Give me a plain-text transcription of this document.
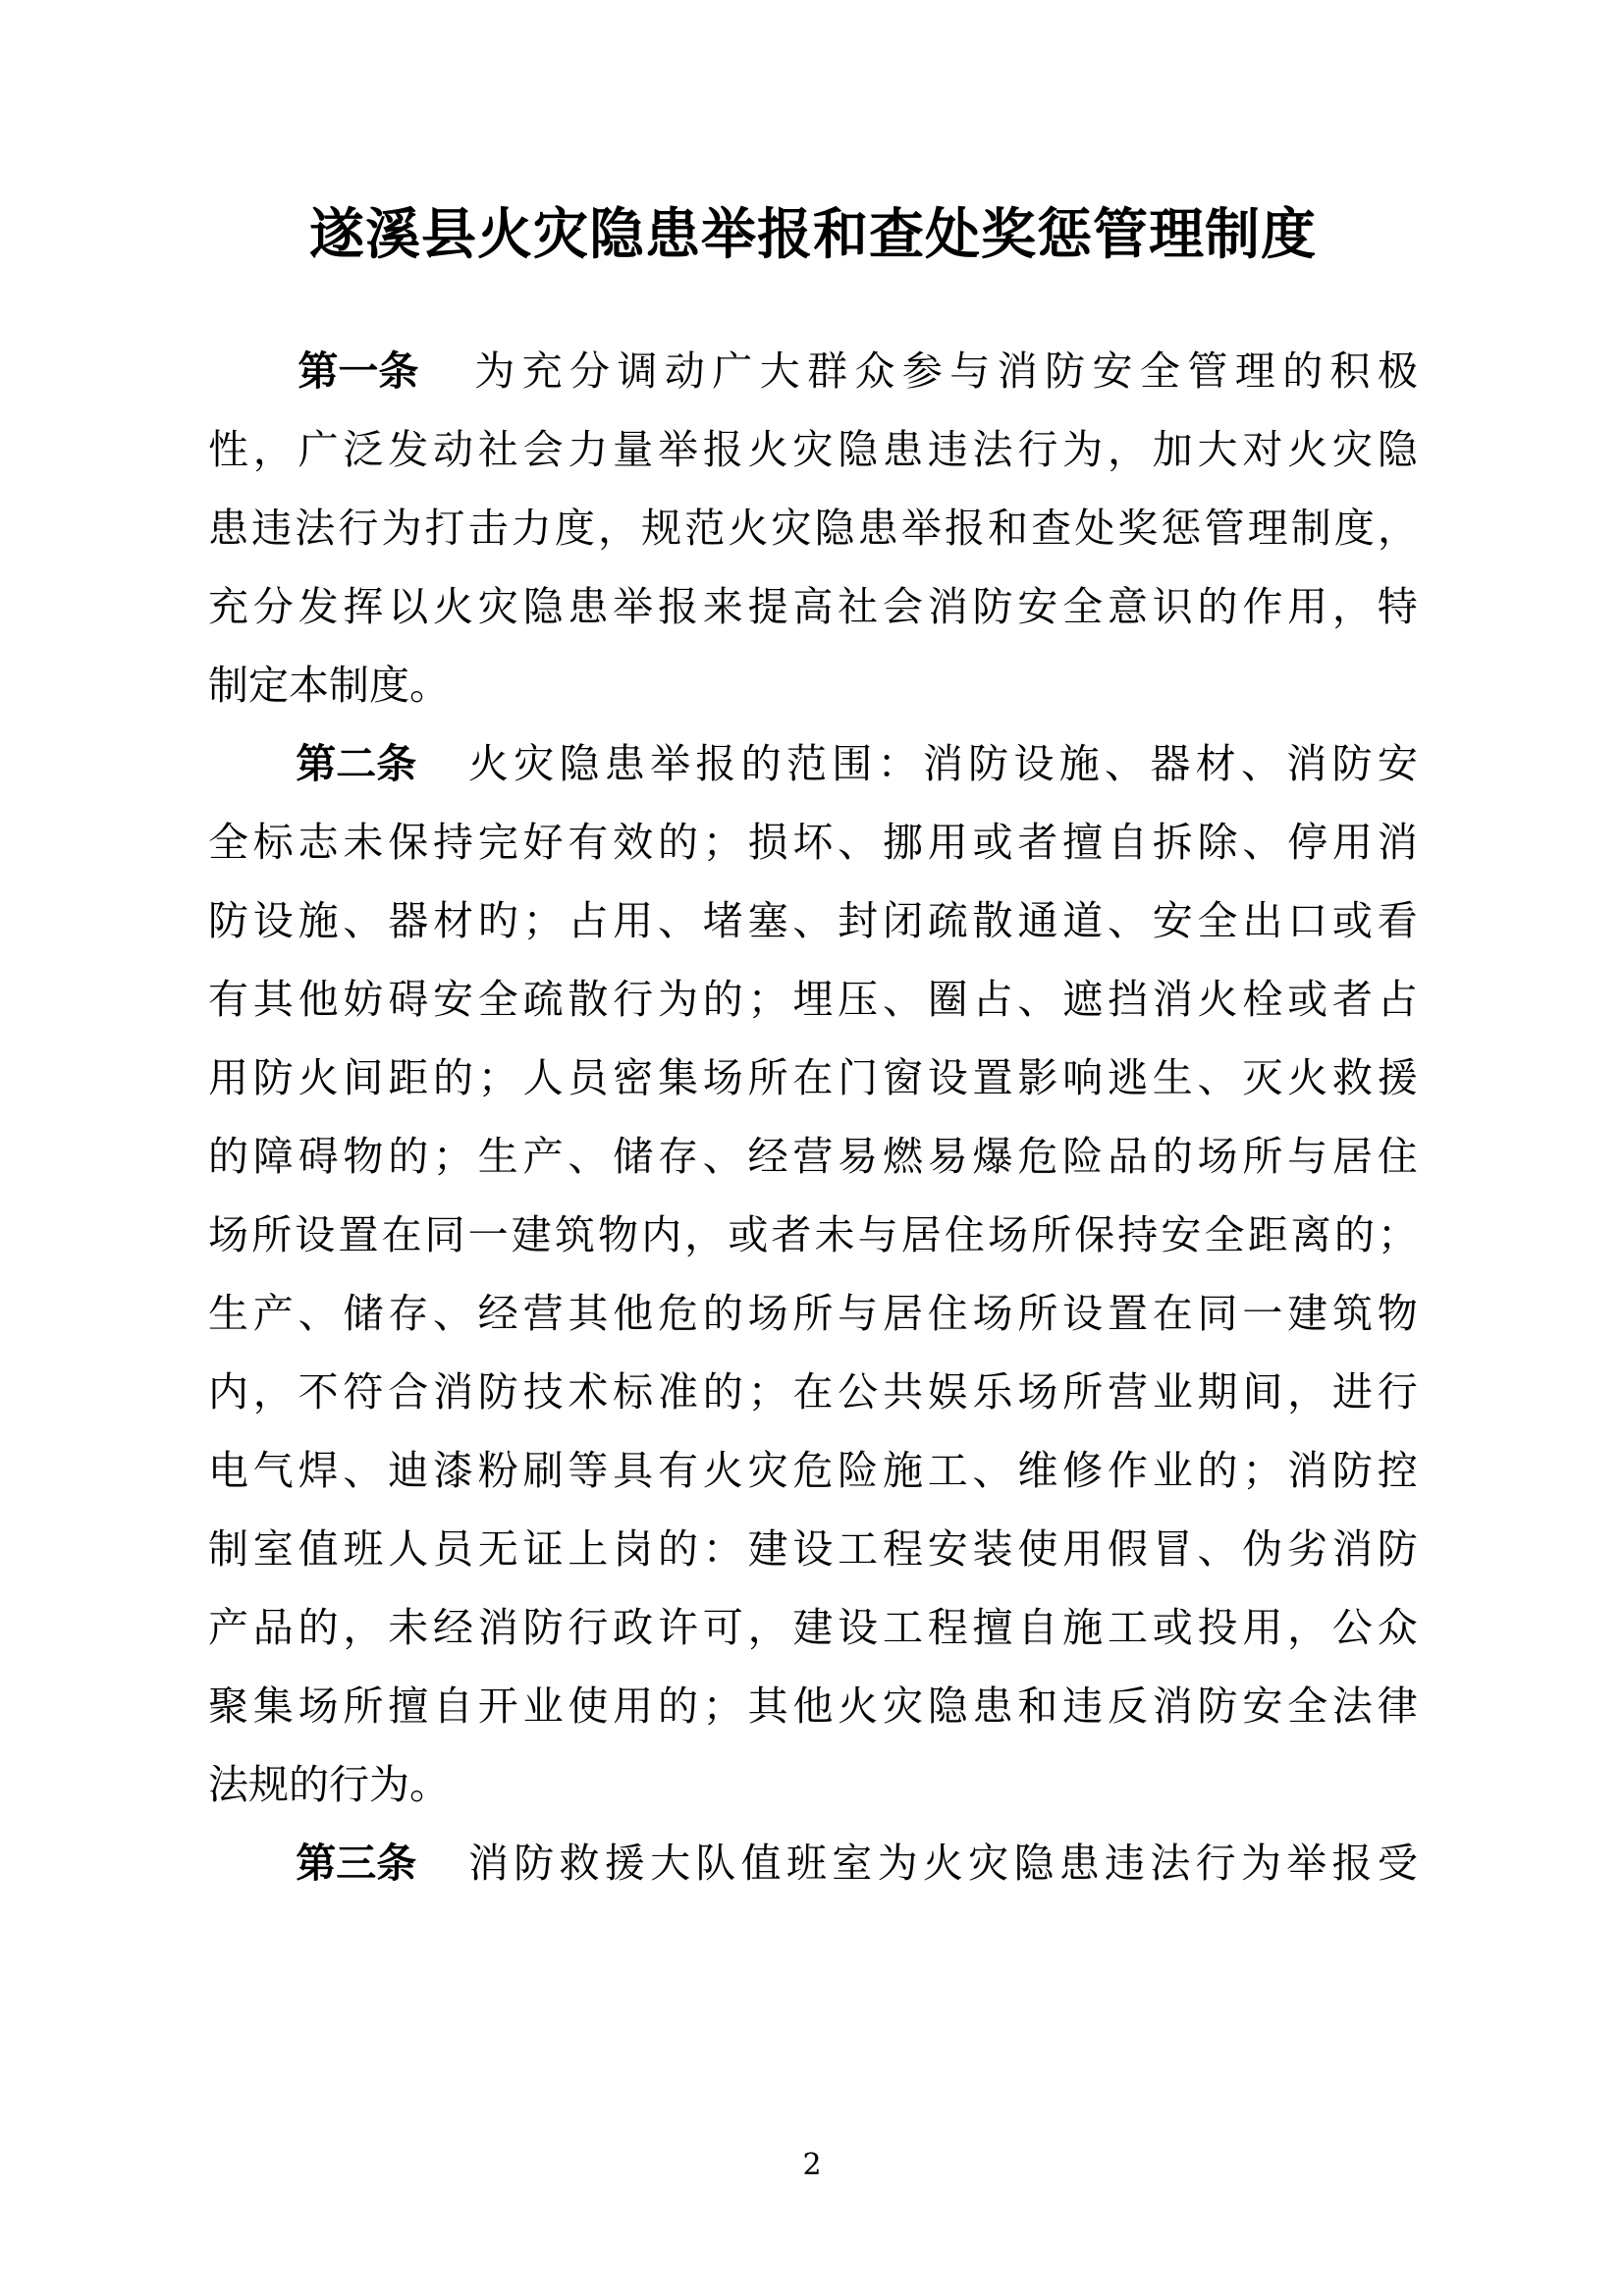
遂溪县火灾隐患举报和查处奖惩管理制度
第一条 为 充 分 调 动 广 大 群 众 参 与 消 防 安 全 管 理 的 积 极
性 ， 广 泛 发 动 社 会 力 量 举 报 火 灾 隐 患 违 法 行 为 ， 加 大 对 火 灾 隐
患 违 法 行 为 打 击 力 度 ， 规 范 火 灾 隐 患 举 报 和 查 处 奖 惩 管 理 制 度 ，
充 分 发 挥 以 火 灾 隐 患 举 报 来 提 高 社 会 消 防 安 全 意 识 的 作 用 ， 特
制定本制度。
第二条 火 灾 隐 患 举 报 的 范 围 ： 消 防 设 施 、 器 材 、 消 防 安
全 标 志 未 保 持 完 好 有 效 的 ； 损 坏 、 挪 用 或 者 擅 自 拆 除 、 停 用 消
防 设 施 、 器 材 旳 ； 占 用 、 堵 塞 、 封 闭 疏 散 通 道 、 安 全 出 口 或 看
有 其 他 妨 碍 安 全 疏 散 行 为 的 ； 埋 压 、 圈 占 、 遮 挡 消 火 栓 或 者 占
用 防 火 间 距 的 ； 人 员 密 集 场 所 在 门 窗 设 置 影 响 逃 生 、 灭 火 救 援
的 障 碍 物 的 ； 生 产 、 储 存 、 经 营 易 燃 易 爆 危 险 品 的 场 所 与 居 住
场 所 设 置 在 同 一 建 筑 物 内 ， 或 者 未 与 居 住 场 所 保 持 安 全 距 离 的 ；
生 产 、 储 存 、 经 营 其 他 危 的 场 所 与 居 住 场 所 设 置 在 同 一 建 筑 物
内 ， 不 符 合 消 防 技 术 标 准 的 ； 在 公 共 娱 乐 场 所 营 业 期 间 ， 进 行
电 气 焊 、 迪 漆 粉 刷 等 具 有 火 灾 危 险 施 工 、 维 修 作 业 的 ； 消 防 控
制 室 值 班 人 员 无 证 上 岗 的 ： 建 设 工 程 安 装 使 用 假 冒 、 伪 劣 消 防
产 品 的 ， 未 经 消 防 行 政 许 可 ， 建 设 工 程 擅 自 施 工 或 投 用 ， 公 众
聚 集 场 所 擅 自 开 业 使 用 的 ； 其 他 火 灾 隐 患 和 违 反 消 防 安 全 法 律
法规的行为。
第三条 消 防 救 援 大 队 值 班 室 为 火 灾 隐 患 违 法 行 为 举 报 受
2
